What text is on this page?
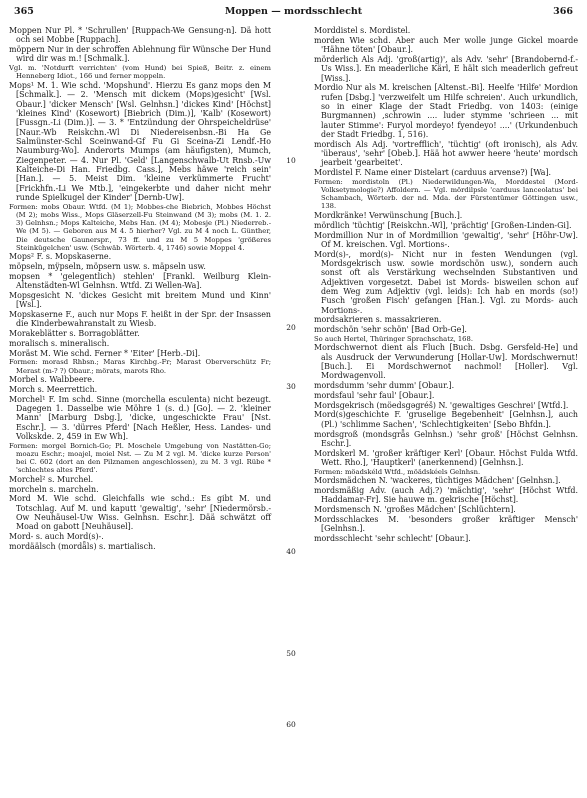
365	Moppen — mordsschlecht	366

Moppen Nur Pl. * 'Schrullen' [Ruppach-We Gensung-n]. Dä hott och sei Mobbe [Ruppach].

möppern Nur in der schroffen Ablehnung für Wünsche Der Hund wird dir was m.! [Schmalk.].

Vgl. m. 'Notdurft verrichten' (vom Hund) bei Spieß, Beitr. z. einem Henneberg Idiot., 166 und ferner moppeln.

Mops¹ M. 1. Wie schd. 'Mopshund'. Hierzu Es ganz mops den M [Schmalk.]. — 2. 'Mensch mit dickem (Mops)gesicht' [Wsl. Obaur.] 'dicker Mensch' [Wsl. Gelnhsn.] 'dickes Kind' [Höchst] 'kleines Kind' (Kosewort) [Biebrich (Dim.)], 'Kalb' (Kosewort) [Fussgn.-Li (Dim.)]. — 3. * 'Entzündung der Ohrspeicheldrüse' [Naur.-Wb Reiskchn.-Wl Di Niedereisenbsn.-Bi Ha Ge Salmünster-Schl Sceinwand-Gf Fu Gi Sceina-Zi Lendf.-Ho Naumburg-Wo]. Anderorts Mumps (am häufigsten), Mumch, Ziegenpeter. — 4. Nur Pl. 'Geld' [Langenschwalb-Ut Rnsb.-Uw Kalteiche-Di Han. Friedbg. Cass.], Mebs häwe 'reich sein' [Han.]. — 5. Meist Dim. 'kleine verkümmerte Frucht' [Frickhfn.-Li We Mtb.], 'eingekerbte und daher nicht mehr runde Spielkugel der Kinder' [Dernb-Uw].

Formen: mobs Obaur. Wtfd. (M 1); Mobbes-che Biebrich, Mobbes Höchst (M 2); mobs Wiss., Mops Gläserzell-Fu Steinwand (M 3); mobs (M. 1. 2. 3) Gelnhsn.; Mops Kalteiche, Mebs Han. (M 4); Mobesje (Pl.) Niederreb.-We (M 5). — Geboren aus M 4. 5 hierher? Vgl. zu M 4 noch L. Günther, Die deutsche Gaunerspr., 73 ff. und zu M 5 Moppes 'größeres Steinkügelchen' usw. (Schwäb. Wörterb. 4, 1746) sowie Moppel 4.

Mops² F. s. Mopskaserne.

möpseln, mÿpseln, möpsern usw. s. mäpseln usw.

mopsen * 'gelegentlich) stehlen' [Frankl. Weilburg Klein-Altenstädten-Wl Gelnhsn. Wtfd. Zi Wellen-Wa].

Mopsgesicht N. 'dickes Gesicht mit breitem Mund und Kinn' [Wsl.].

Mopskaserne F., auch nur Mops F. heißt in der Spr. der Insassen die Kinderbewahranstalt zu Wiesb.

Morakeblätter s. Borragoblätter.

moralisch s. mineralisch.

Moräst M. Wie schd. Ferner * 'Eiter' [Herb.-Di].

Formen: morasd Rhbsn.; Maras Kirchbg.-Fr; Marast Oberverschütz Fr; Merast (m-? ?) Obaur.; mörats, marots Rho.

Morbel s. Walbbeere.

Morch s. Meerrettich.

Morchel¹ F. Im schd. Sinne (morchella esculenta) nicht bezeugt. Dagegen 1. Dasselbe wie Möhre 1 (s. d.) [Go]. — 2. 'kleiner Mann' [Marburg Dsbg.], 'dicke, ungeschickte Frau' [Nst. Eschr.]. — 3. 'dürres Pferd' [Nach Heßler, Hess. Landes- und Volkskde. 2, 459 in Ew Wh].

Formen: morgel Bornich-Go; Pl. Moschele Umgebung von Nastätten-Go; moazu Eschr.; moajel, moiel Nst. — Zu M 2 vgl. M. 'dicke kurze Person' bei C. 602 (dort an den Pilznamen angeschlossen), zu M. 3 vgl. Rübe * 'schlechtes altes Pferd'.

Morchel² s. Murchel.

morcheln s. marcheln.

Mord M. Wie schd. Gleichfalls wie schd.: Es gibt M. und Totschlag. Auf M. und kaputt 'gewaltig', 'sehr' [Niedermörsb.-Ow Neuhäusel-Uw Wiss. Gelnhsn. Eschr.]. Dää schwätzt off Moad on gabott [Neuhäusel].

Mord- s. auch Mord(s)-.

mordäälsch (mordǟls) s. martialisch.

10
20
30
40
50
60

Morddistel s. Mordistel.

morden Wie schd. Aber auch Mer wolle junge Gickel moarde 'Hähne töten' [Obaur.].

mörderlich Als Adj. 'groß(artig)', als Adv. 'sehr' [Brandobernd-f.-Us Wiss.]. En meaderliche Kärl, E hält sich meaderlich gefreut [Wiss.].

Mordio Nur als M. kreischen [Altenst.-Bi]. Heelfe 'Hilfe' Mordion rufen [Dsbg.] 'verzweifelt um Hilfe schreien'. Auch urkundlich, so in einer Klage der Stadt Friedbg. von 1403: (einige Burgmannen) ‚schrowin .... luder stymme 'schrieen ... mit lauter Stimme': Furyol mordeyo! fyendeyo! ....' (Urkundenbuch der Stadt Friedbg. 1, 516).

mordisch Als Adj. 'vortrefflich', 'tüchtig' (oft ironisch), als Adv. 'überaus', 'sehr' [Obeb.]. Hää hot awwer heere 'heute' mordsch jearbeit 'gearbeitet'.

Mordistel F. Name einer Distelart (carduus arvense?) [Wa].

Formen: mordistoln (Pl.) Niederwildungen-Wa, Morddestel (Mord- Volksetymologie?) Affoldern. — Vgl. mördilpsle 'carduus lanceolatus' bei Schambach, Wörterb. der nd. Mda. der Fürstentümer Göttingen usw., 138.

Mordkränke! Verwünschung [Buch.].

mördlich 'tüchtig' [Reiskchn.-Wl], 'prächtig' [Großen-Linden-Gi].

Mordmillion Nur in of Mordmillion 'gewaltig', 'sehr' [Höhr-Uw]. Of M. kreischen. Vgl. Mortions-.

Mord(s)-, mord(s)- Nicht nur in festen Wendungen (vgl. Mordsgekrisch usw. sowie mordschön usw.), sondern auch sonst oft als Verstärkung wechselnden Substantiven und Adjektiven vorgesetzt. Dabei ist Mords- bisweilen schon auf dem Weg zum Adjektiv (vgl. leids): Ich hab en mords (so!) Fusch 'großen Fisch' gefangen [Han.]. Vgl. zu Mords- auch Mortions-.

mordsakrieren s. massakrieren.

mordschön 'sehr schön' [Bad Orb-Ge].

So auch Hertel, Thüringer Sprachschatz, 168.

Mordschwernot dient als Fluch [Buch. Dsbg. Gersfeld-He] und als Ausdruck der Verwunderung [Hollar-Uw]. Mordschwernut! [Buch.]. Ei Mordschwernot nachmol! [Holler]. Vgl. Mordwagenvoll.

mordsdumm 'sehr dumm' [Obaur.].

mordsfaul 'sehr faul' [Obaur.].

Mordsgekrisch (möedsgəgréš) N. 'gewaltiges Geschrei' [Wtfd.].

Mord(s)geschichte F. 'gruselige Begebenheit' [Gelnhsn.], auch (Pl.) 'schlimme Sachen', 'Schlechtigkeiten' [Sebo Bhfdn.].

mordsgroß (mondsgrǟs Gelnhsn.) 'sehr groß' [Höchst Gelnhsn. Eschr.].

Mordskerl M. 'großer kräftiger Kerl' [Obaur. Höchst Fulda Wtfd. Wett. Rho.], 'Hauptkerl' (anerkennend) [Gelnhsn.].

Formen: möadskéld Wtfd., möädskéels Gelnhsn.

Mordsmädchen N. 'wackeres, tüchtiges Mädchen' [Gelnhsn.].

mordsmäßig Adv. (auch Adj.?) 'mächtig', 'sehr' [Höchst Wtfd. Haddamar-Fr]. Sie hauwe m. gekrische [Höchst].

Mordsmensch N. 'großes Mädchen' [Schlüchtern].

Mordsschlackes M. 'besonders großer kräftiger Mensch' [Gelnhsn.].

mordsschlecht 'sehr schlecht' [Obaur.].
